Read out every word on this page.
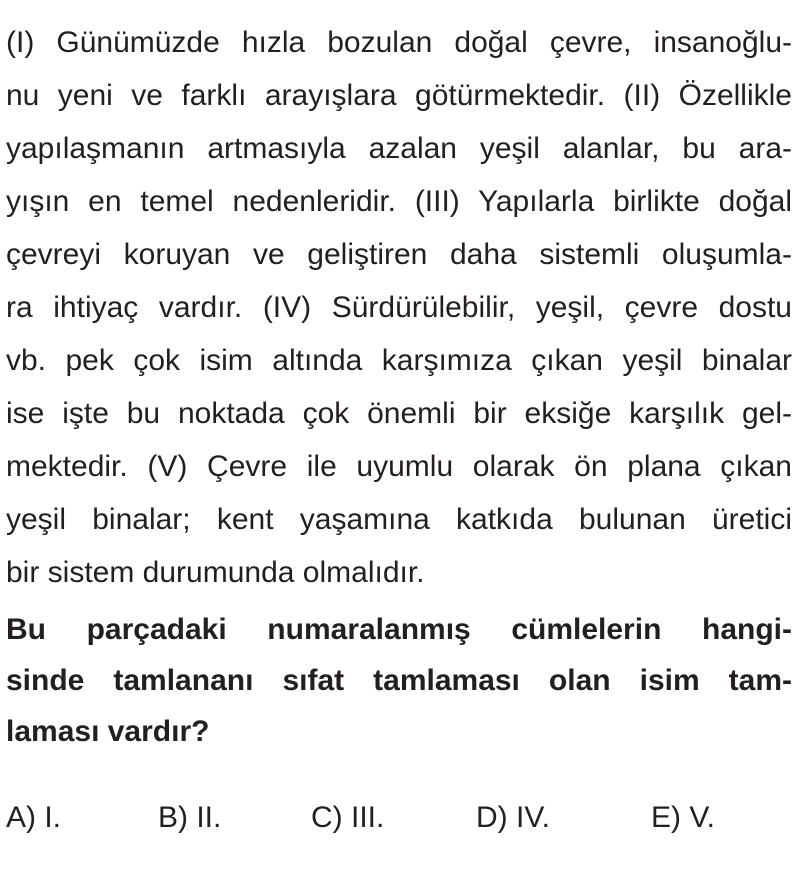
(I) Günümüzde hızla bozulan doğal çevre, insanoğlu-
nu yeni ve farklı arayışlara götürmektedir. (II) Özellikle
yapılaşmanın artmasıyla azalan yeşil alanlar, bu ara-
yışın en temel nedenleridir. (III) Yapılarla birlikte doğal
çevreyi koruyan ve geliştiren daha sistemli oluşumla-
ra ihtiyaç vardır. (IV) Sürdürülebilir, yeşil, çevre dostu
vb. pek çok isim altında karşımıza çıkan yeşil binalar
ise işte bu noktada çok önemli bir eksiğe karşılık gel-
mektedir. (V) Çevre ile uyumlu olarak ön plana çıkan
yeşil binalar; kent yaşamına katkıda bulunan üretici
bir sistem durumunda olmalıdır.
Bu parçadaki numaralanmış cümlelerin hangi-
sinde tamlananı sıfat tamlaması olan isim tam-
laması vardır?
A) I.	B) II.	C) III.	D) IV.	E) V.
